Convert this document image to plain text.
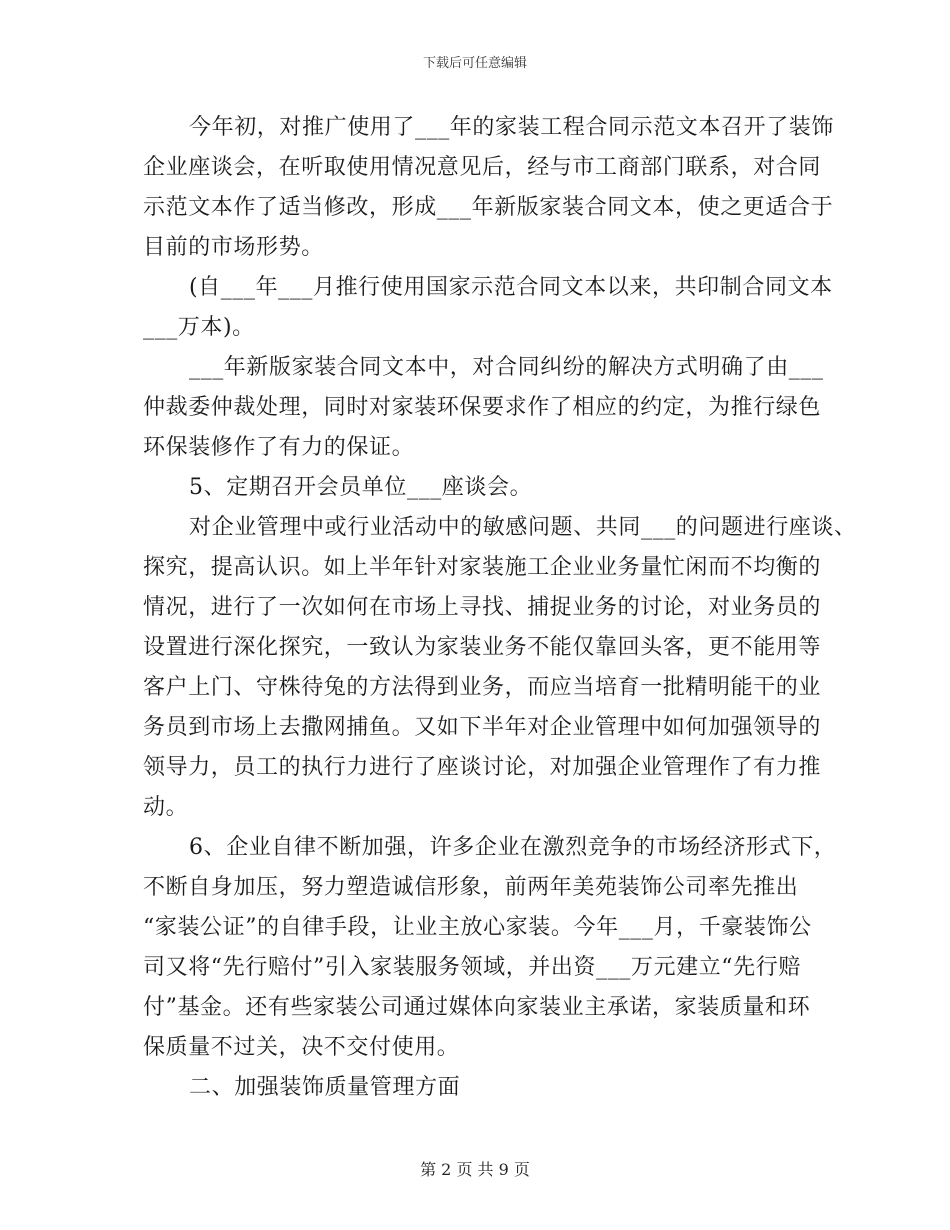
下载后可任意编辑
今年初，对推广使用了___年的家装工程合同示范文本召开了装饰
企业座谈会，在听取使用情况意见后，经与市工商部门联系，对合同
示范文本作了适当修改，形成___年新版家装合同文本，使之更适合于
目前的市场形势。
(自___年___月推行使用国家示范合同文本以来，共印制合同文本
___万本)。
___年新版家装合同文本中，对合同纠纷的解决方式明确了由___
仲裁委仲裁处理，同时对家装环保要求作了相应的约定，为推行绿色
环保装修作了有力的保证。
5、定期召开会员单位___座谈会。
对企业管理中或行业活动中的敏感问题、共同___的问题进行座谈、
探究，提高认识。如上半年针对家装施工企业业务量忙闲而不均衡的
情况，进行了一次如何在市场上寻找、捕捉业务的讨论，对业务员的
设置进行深化探究，一致认为家装业务不能仅靠回头客，更不能用等
客户上门、守株待兔的方法得到业务，而应当培育一批精明能干的业
务员到市场上去撒网捕鱼。又如下半年对企业管理中如何加强领导的
领导力，员工的执行力进行了座谈讨论，对加强企业管理作了有力推
动。
6、企业自律不断加强，许多企业在激烈竞争的市场经济形式下，
不断自身加压，努力塑造诚信形象，前两年美苑装饰公司率先推出
“家装公证”的自律手段，让业主放心家装。今年___月，千豪装饰公
司又将“先行赔付”引入家装服务领域，并出资___万元建立“先行赔
付”基金。还有些家装公司通过媒体向家装业主承诺，家装质量和环
保质量不过关，决不交付使用。
二、加强装饰质量管理方面
第 2 页 共 9 页
